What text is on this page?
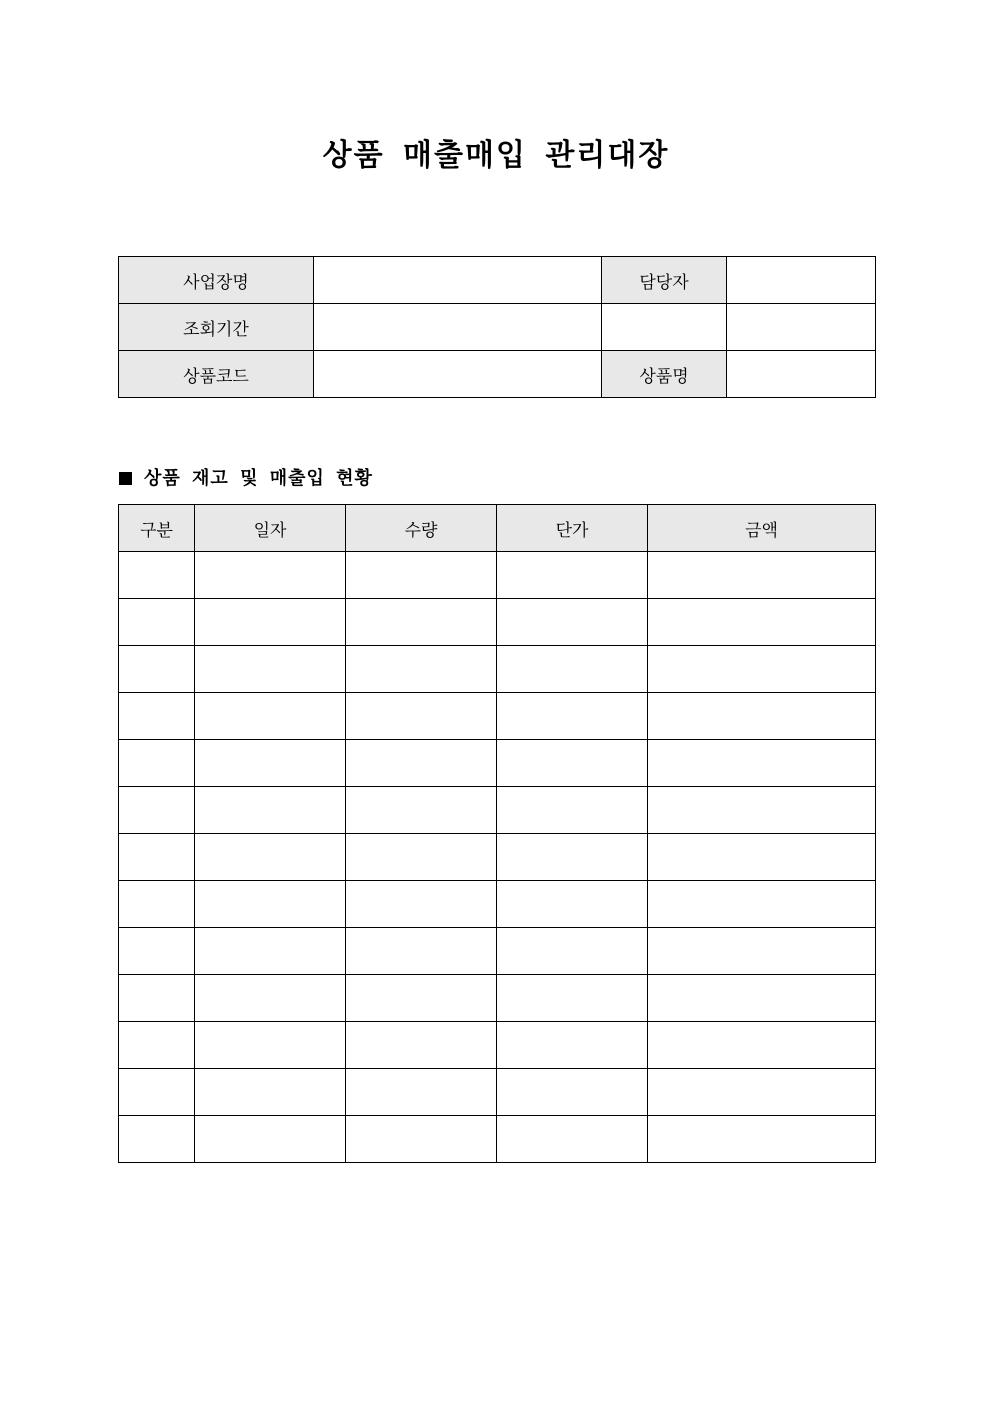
상품 매출매입 관리대장
사업장명		담당자	
조회기간			
상품코드		상품명	
상품 재고 및 매출입 현황
구분	일자	수량	단가	금액
